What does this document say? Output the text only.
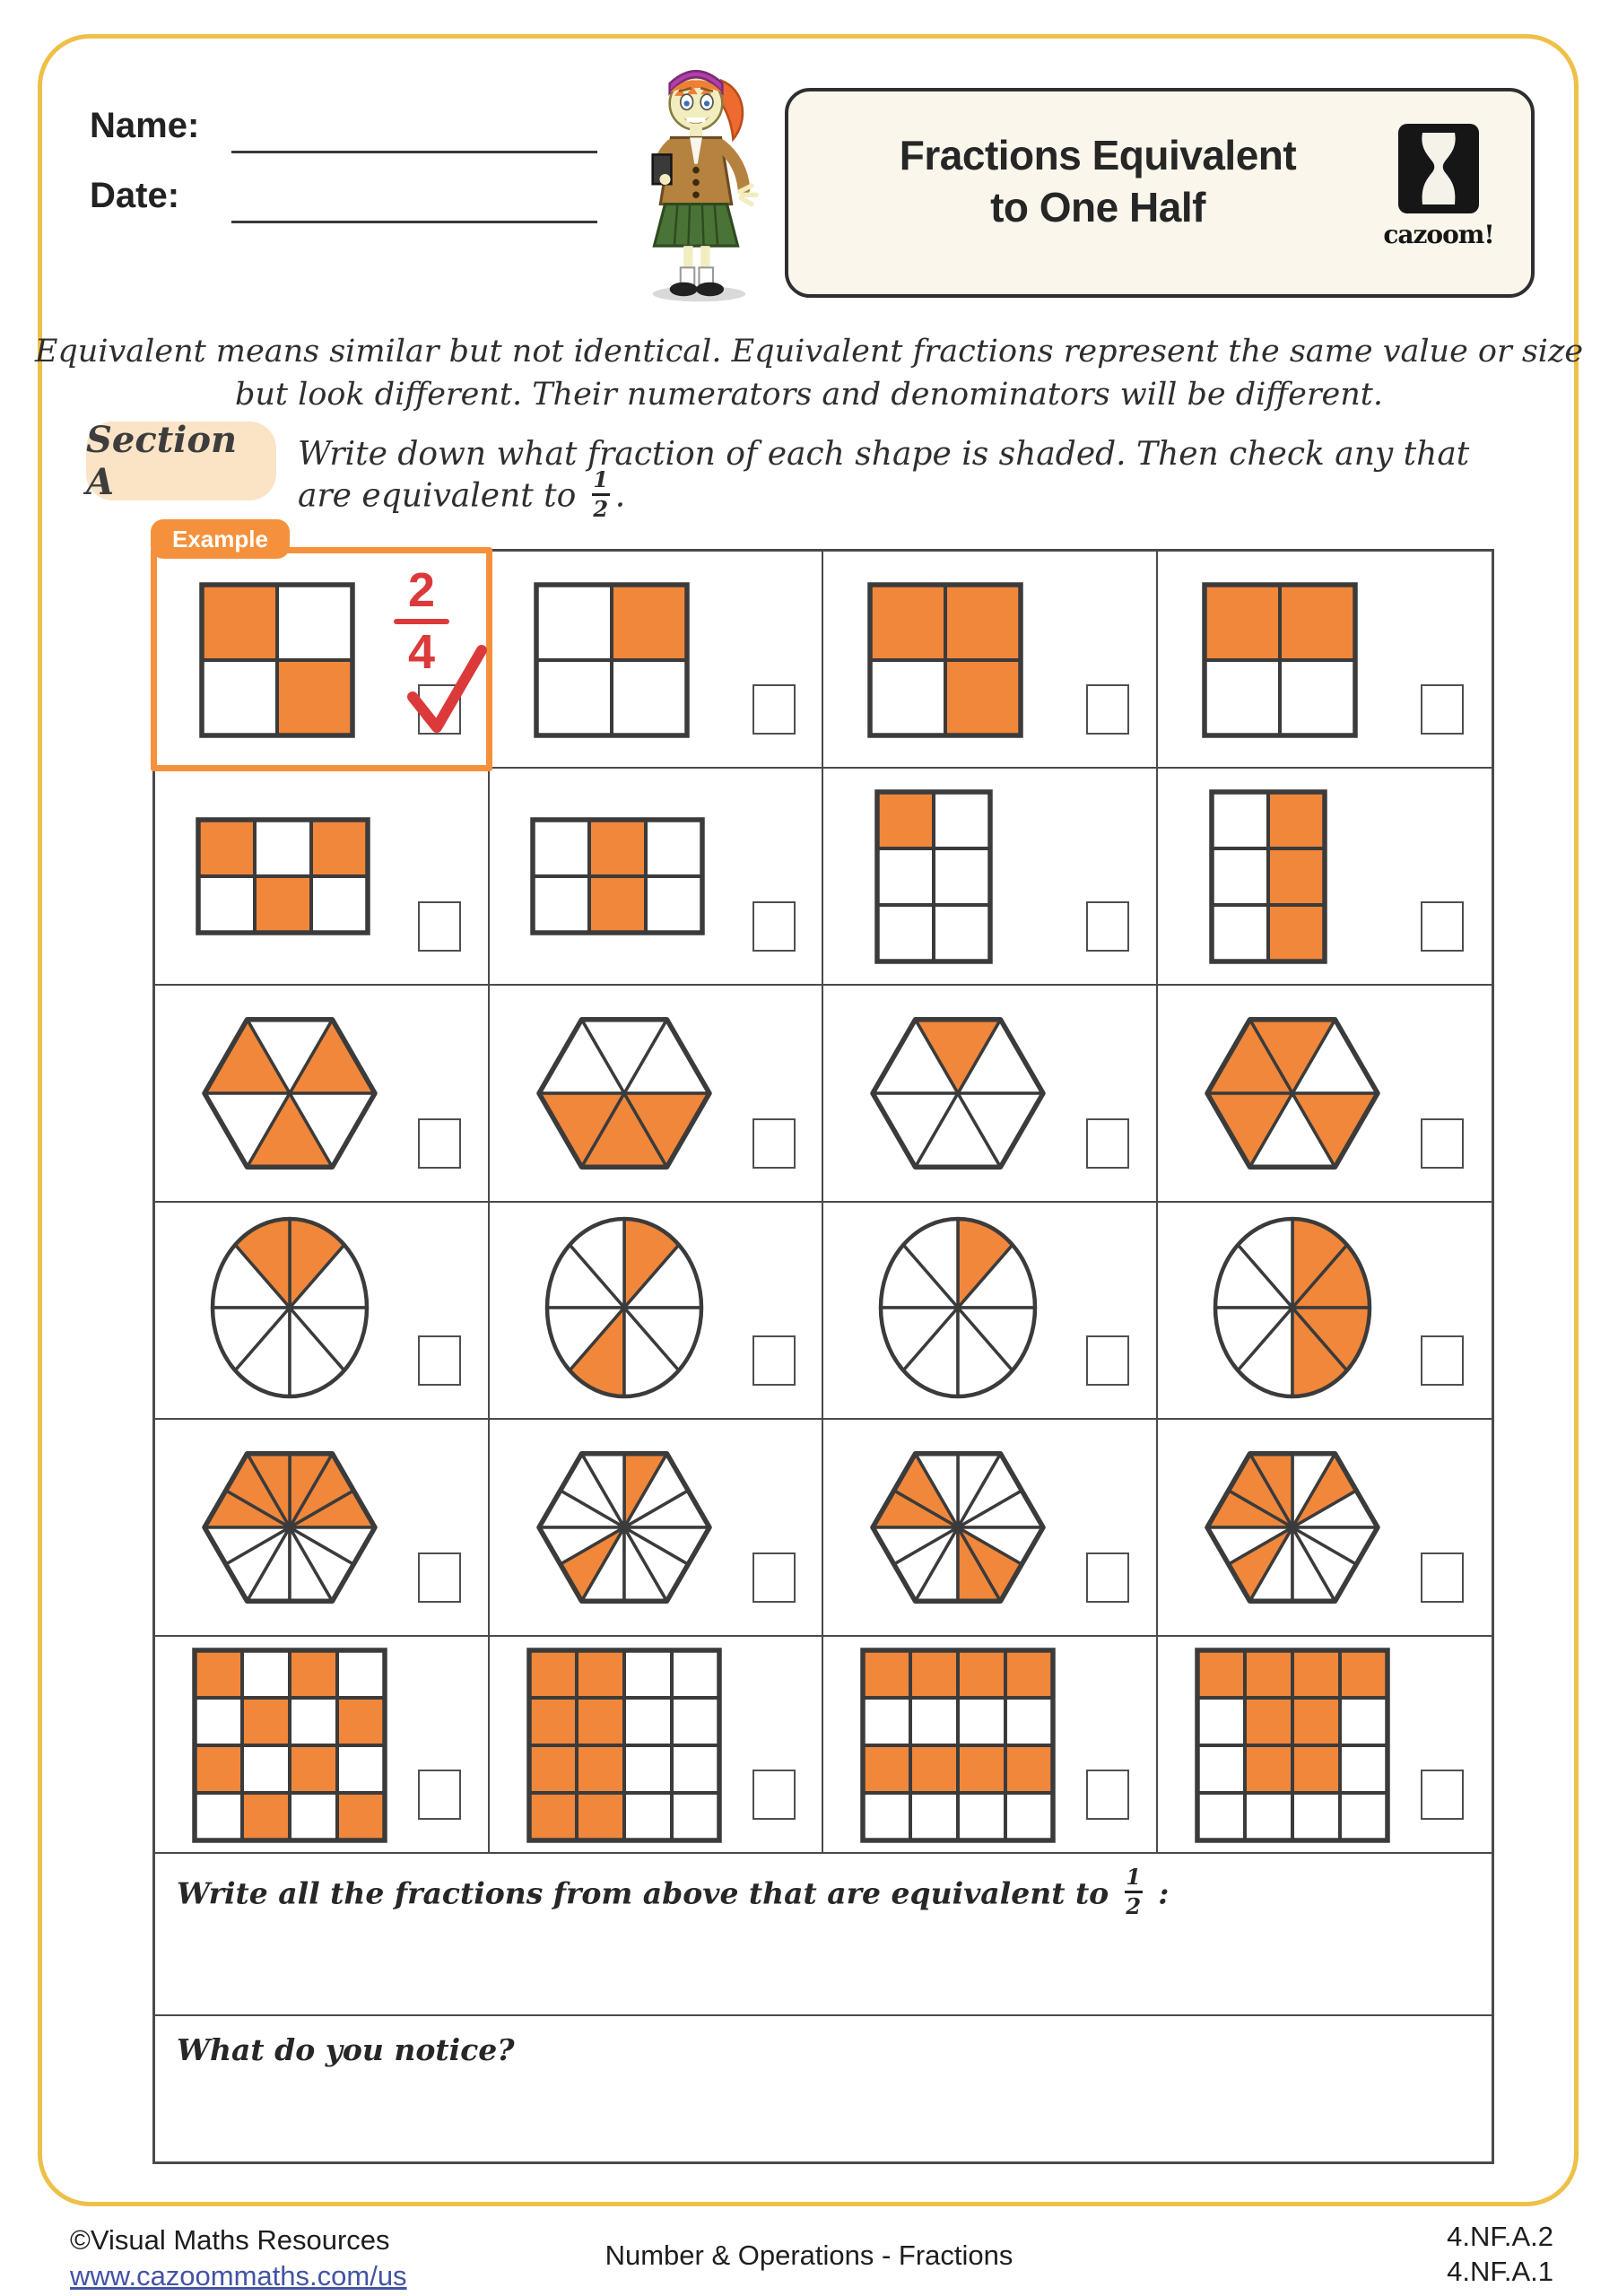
Name:
Date:
Fractions Equivalent
to One Half
cazoom!
Equivalent means similar but not identical. Equivalent fractions represent the same value or size
but look different. Their numerators and denominators will be different.
Section A
Write down what fraction of each shape is shaded. Then check any that are equivalent to $\frac{1}{2}$ .
Example
2
4
Write all the fractions from above that are equivalent to $\frac{1}{2}$ :
What do you notice?
©Visual Maths Resources
www.cazoommaths.com/us
Number & Operations - Fractions
4.NF.A.2
4.NF.A.1
